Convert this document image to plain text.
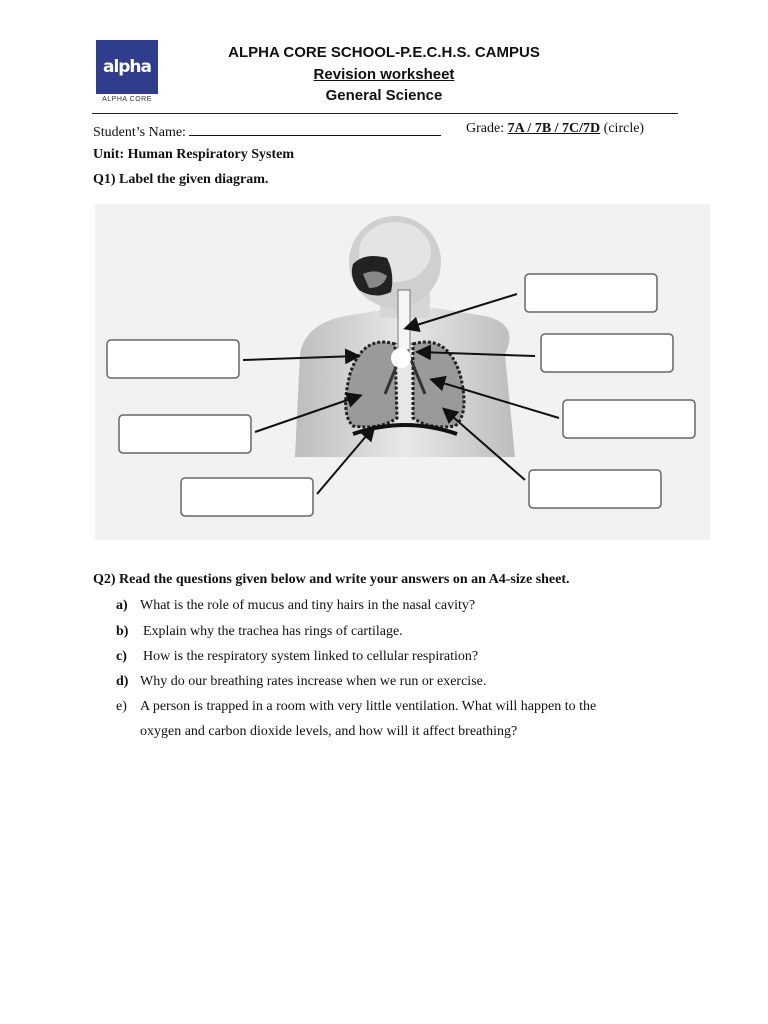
alpha
ALPHA CORE
ALPHA CORE SCHOOL-P.E.C.H.S. CAMPUS
Revision worksheet
General Science
Student’s Name:	Grade: 7A / 7B / 7C/7D (circle)
Unit: Human Respiratory System
Q1) Label the given diagram.
Q2) Read the questions given below and write your answers on an A4-size sheet.
a) What is the role of mucus and tiny hairs in the nasal cavity?
b) Explain why the trachea has rings of cartilage.
c) How is the respiratory system linked to cellular respiration?
d) Why do our breathing rates increase when we run or exercise.
e) A person is trapped in a room with very little ventilation. What will happen to the
oxygen and carbon dioxide levels, and how will it affect breathing?
